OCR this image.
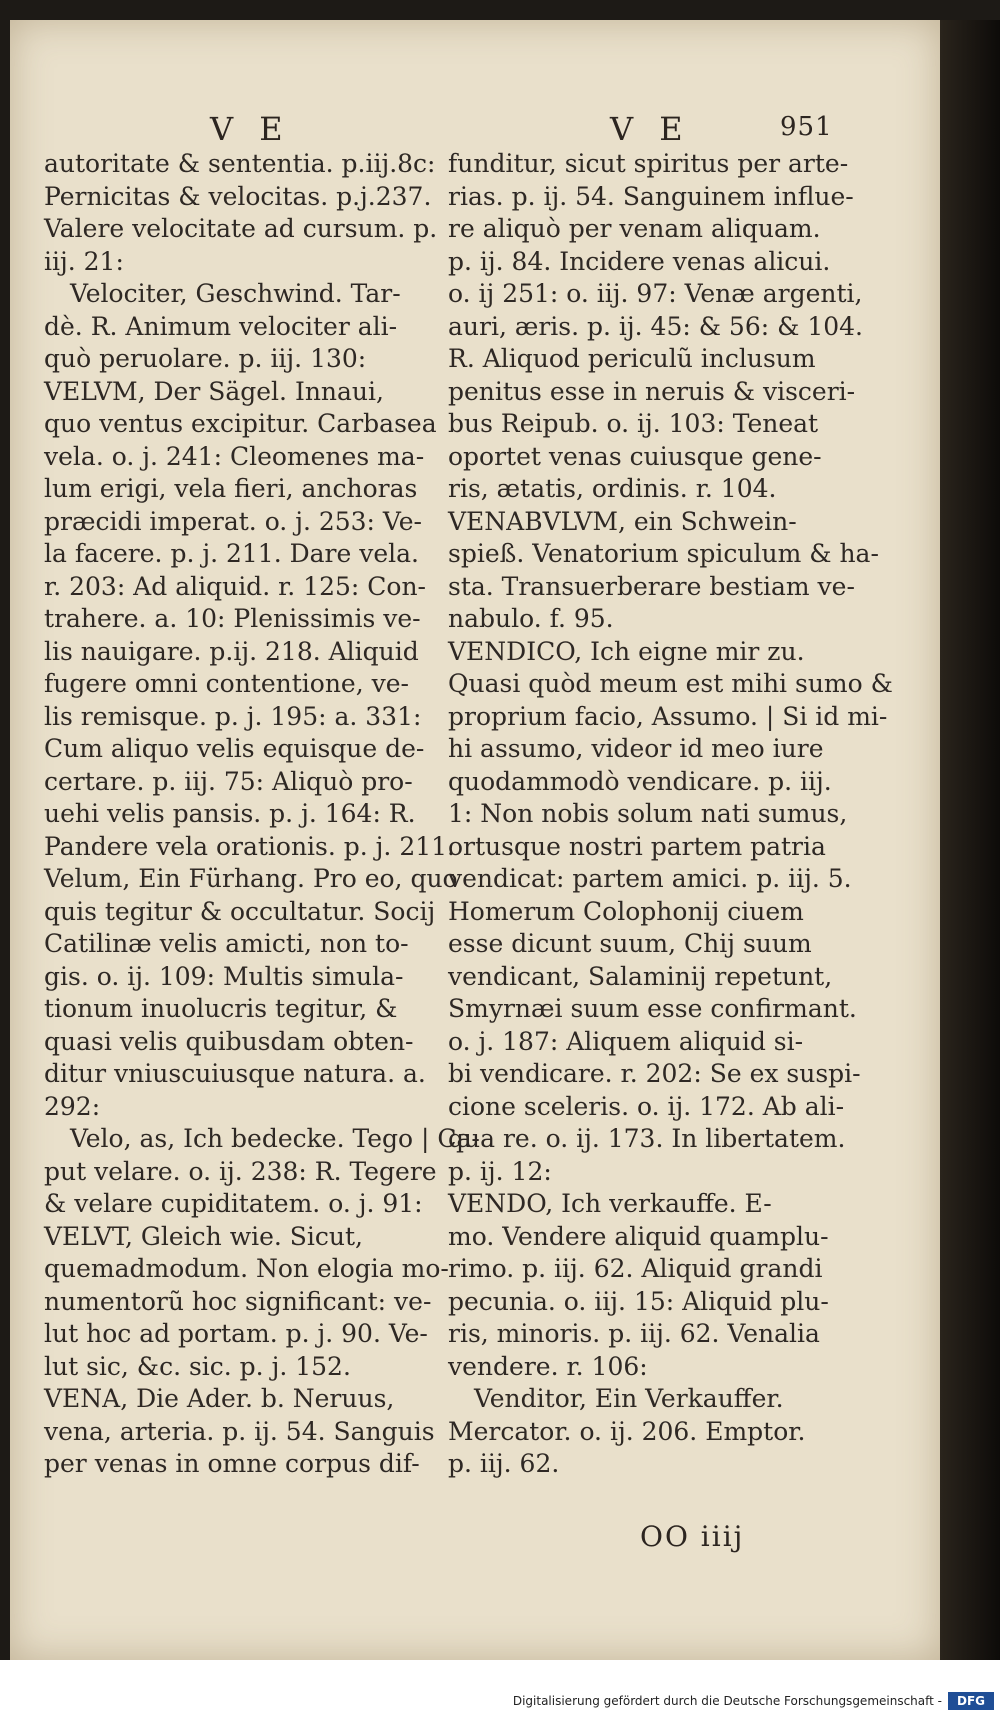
V E	V E	951
autoritate & sententia. p.iij.8c:
Pernicitas & velocitas. p.j.237.
Valere velocitate ad cursum. p.
iij. 21:
Velociter, Geschwind. Tar-
dè. R. Animum velociter ali-
quò peruolare. p. iij. 130:
VELVM, Der Sägel. Innaui,
quo ventus excipitur. Carbasea
vela. o. j. 241: Cleomenes ma-
lum erigi, vela fieri, anchoras
præcidi imperat. o. j. 253: Ve-
la facere. p. j. 211. Dare vela.
r. 203: Ad aliquid. r. 125: Con-
trahere. a. 10: Plenissimis ve-
lis nauigare. p.ij. 218. Aliquid
fugere omni contentione, ve-
lis remisque. p. j. 195: a. 331:
Cum aliquo velis equisque de-
certare. p. iij. 75: Aliquò pro-
uehi velis pansis. p. j. 164: R.
Pandere vela orationis. p. j. 211.
Velum, Ein Fürhang. Pro eo, quo
quis tegitur & occultatur. Socij
Catilinæ velis amicti, non to-
gis. o. ij. 109: Multis simula-
tionum inuolucris tegitur, &
quasi velis quibusdam obten-
ditur vniuscuiusque natura. a.
292:
Velo, as, Ich bedecke. Tego | Ca-
put velare. o. ij. 238: R. Tegere
& velare cupiditatem. o. j. 91:
VELVT, Gleich wie. Sicut,
quemadmodum. Non elogia mo-
numentorũ hoc significant: ve-
lut hoc ad portam. p. j. 90. Ve-
lut sic, &c. sic. p. j. 152.
VENA, Die Ader. b. Neruus,
vena, arteria. p. ij. 54. Sanguis
per venas in omne corpus dif-
funditur, sicut spiritus per arte-
rias. p. ij. 54. Sanguinem influe-
re aliquò per venam aliquam.
p. ij. 84. Incidere venas alicui.
o. ij 251: o. iij. 97: Venæ argenti,
auri, æris. p. ij. 45: & 56: & 104.
R. Aliquod periculũ inclusum
penitus esse in neruis & visceri-
bus Reipub. o. ij. 103: Teneat
oportet venas cuiusque gene-
ris, ætatis, ordinis. r. 104.
VENABVLVM, ein Schwein-
spieß. Venatorium spiculum & ha-
sta. Transuerberare bestiam ve-
nabulo. f. 95.
VENDICO, Ich eigne mir zu.
Quasi quòd meum est mihi sumo &
proprium facio, Assumo. | Si id mi-
hi assumo, videor id meo iure
quodammodò vendicare. p. iij.
1: Non nobis solum nati sumus,
ortusque nostri partem patria
vendicat: partem amici. p. iij. 5.
Homerum Colophonij ciuem
esse dicunt suum, Chij suum
vendicant, Salaminij repetunt,
Smyrnæi suum esse confirmant.
o. j. 187: Aliquem aliquid si-
bi vendicare. r. 202: Se ex suspi-
cione sceleris. o. ij. 172. Ab ali-
qua re. o. ij. 173. In libertatem.
p. ij. 12:
VENDO, Ich verkauffe. E-
mo. Vendere aliquid quamplu-
rimo. p. iij. 62. Aliquid grandi
pecunia. o. iij. 15: Aliquid plu-
ris, minoris. p. iij. 62. Venalia
vendere. r. 106:
Venditor, Ein Verkauffer.
Mercator. o. ij. 206. Emptor.
p. iij. 62.
OO iiij
Digitalisierung gefördert durch die Deutsche Forschungsgemeinschaft -	DFG
